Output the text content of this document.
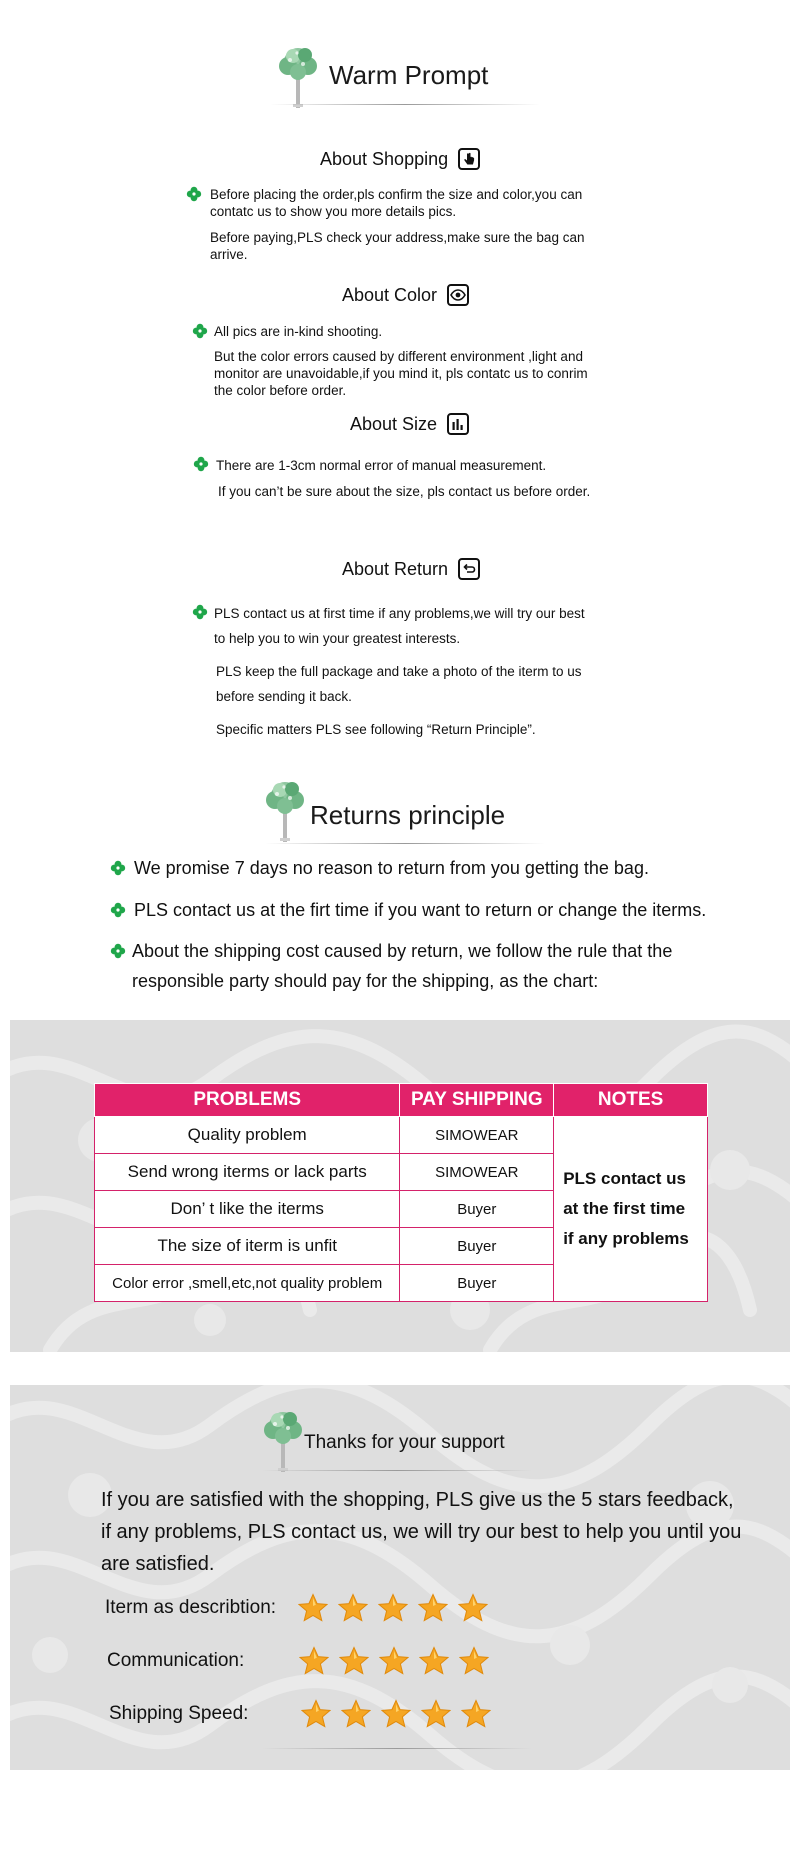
Warm Prompt
About Shopping
Before placing the order,pls confirm the size and color,you can contatc us to show you more details pics.
Before paying,PLS check your address,make sure the bag can arrive.
About Color
All pics are in-kind shooting.
But the color errors caused by different environment ,light and monitor are unavoidable,if you mind it, pls contatc us to conrim the color before order.
About Size
There are 1-3cm normal error of manual measurement.
If you can’t be sure about the size, pls contact us before order.
About Return
PLS contact us at first time if any problems,we will try our best
to help you to win your greatest interests.
PLS keep the full package and take a photo of the iterm to us
before sending it back.
Specific matters PLS see following “Return Principle”.
Returns principle
We promise 7 days no reason to return from you getting the bag.
PLS contact us at the firt time if you want to return or change the iterms.
About the shipping cost caused by return, we follow the rule that the
responsible party should pay for the shipping, as the chart:
PROBLEMS	PAY SHIPPING	NOTES
Quality problem	SIMOWEAR	PLS contact us
at the first time
if any problems
Send wrong iterms or lack parts	SIMOWEAR	
Don’ t like the iterms	Buyer	
The size of iterm is unfit	Buyer	
Color error ,smell,etc,not quality problem	Buyer	
Thanks for your support
If you are satisfied with the shopping, PLS give us the 5 stars feedback,
if any problems, PLS contact us, we will try our best to help you until you
are satisfied.
Iterm as describtion:
Communication:
Shipping Speed:
